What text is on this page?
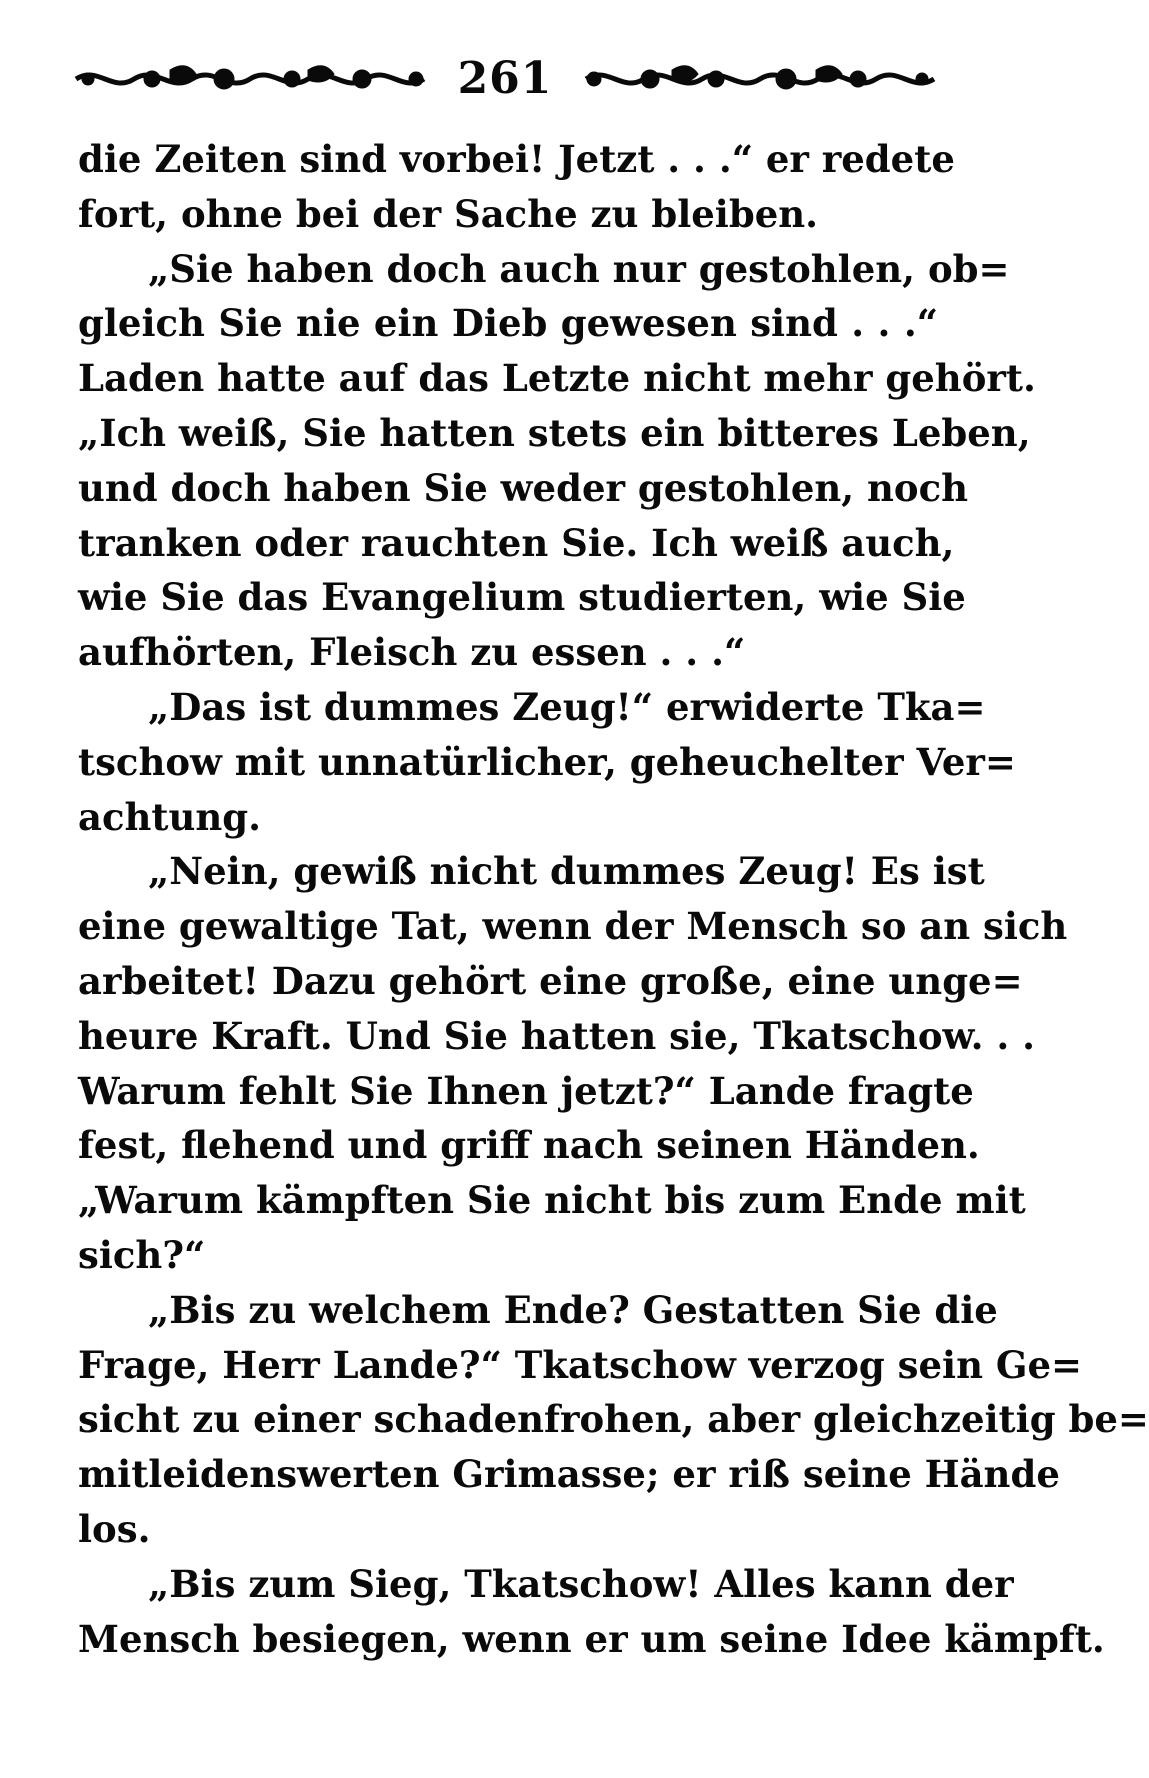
261
die Zeiten sind vorbei! Jetzt . . .“ er redete
fort, ohne bei der Sache zu bleiben.
„Sie haben doch auch nur gestohlen, ob=
gleich Sie nie ein Dieb gewesen sind . . .“
Laden hatte auf das Letzte nicht mehr gehört.
„Ich weiß, Sie hatten stets ein bitteres Leben,
und doch haben Sie weder gestohlen, noch
tranken oder rauchten Sie. Ich weiß auch,
wie Sie das Evangelium studierten, wie Sie
aufhörten, Fleisch zu essen . . .“
„Das ist dummes Zeug!“ erwiderte Tka=
tschow mit unnatürlicher, geheuchelter Ver=
achtung.
„Nein, gewiß nicht dummes Zeug! Es ist
eine gewaltige Tat, wenn der Mensch so an sich
arbeitet! Dazu gehört eine große, eine unge=
heure Kraft. Und Sie hatten sie, Tkatschow. . .
Warum fehlt Sie Ihnen jetzt?“ Lande fragte
fest, flehend und griff nach seinen Händen.
„Warum kämpften Sie nicht bis zum Ende mit
sich?“
„Bis zu welchem Ende? Gestatten Sie die
Frage, Herr Lande?“ Tkatschow verzog sein Ge=
sicht zu einer schadenfrohen, aber gleichzeitig be=
mitleidenswerten Grimasse; er riß seine Hände
los.
„Bis zum Sieg, Tkatschow! Alles kann der
Mensch besiegen, wenn er um seine Idee kämpft.
